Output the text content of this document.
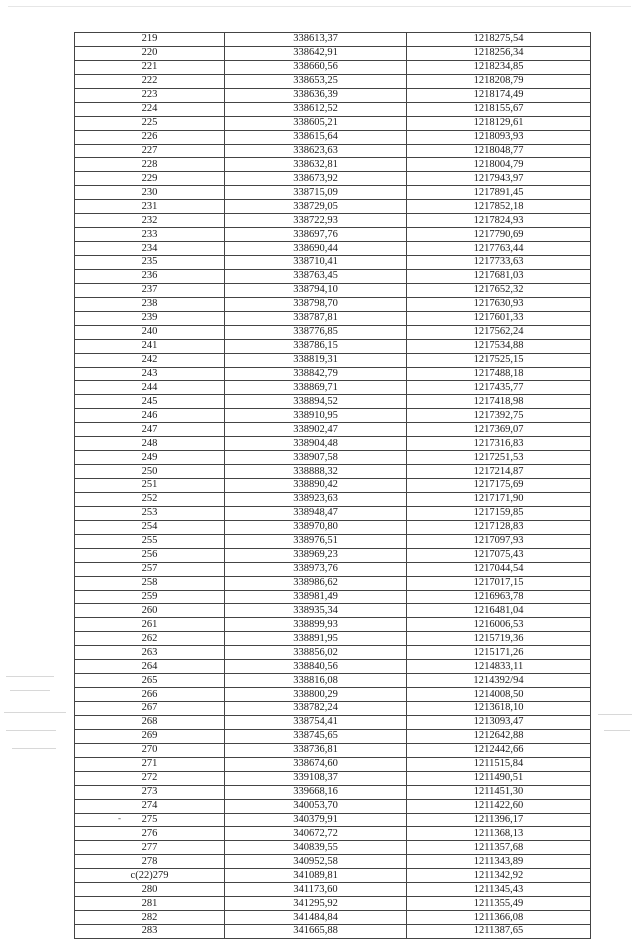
219	338613,37	1218275,54
220	338642,91	1218256,34
221	338660,56	1218234,85
222	338653,25	1218208,79
223	338636,39	1218174,49
224	338612,52	1218155,67
225	338605,21	1218129,61
226	338615,64	1218093,93
227	338623,63	1218048,77
228	338632,81	1218004,79
229	338673,92	1217943,97
230	338715,09	1217891,45
231	338729,05	1217852,18
232	338722,93	1217824,93
233	338697,76	1217790,69
234	338690,44	1217763,44
235	338710,41	1217733,63
236	338763,45	1217681,03
237	338794,10	1217652,32
238	338798,70	1217630,93
239	338787,81	1217601,33
240	338776,85	1217562,24
241	338786,15	1217534,88
242	338819,31	1217525,15
243	338842,79	1217488,18
244	338869,71	1217435,77
245	338894,52	1217418,98
246	338910,95	1217392,75
247	338902,47	1217369,07
248	338904,48	1217316,83
249	338907,58	1217251,53
250	338888,32	1217214,87
251	338890,42	1217175,69
252	338923,63	1217171,90
253	338948,47	1217159,85
254	338970,80	1217128,83
255	338976,51	1217097,93
256	338969,23	1217075,43
257	338973,76	1217044,54
258	338986,62	1217017,15
259	338981,49	1216963,78
260	338935,34	1216481,04
261	338899,93	1216006,53
262	338891,95	1215719,36
263	338856,02	1215171,26
264	338840,56	1214833,11
265	338816,08	1214392/94
266	338800,29	1214008,50
267	338782,24	1213618,10
268	338754,41	1213093,47
269	338745,65	1212642,88
270	338736,81	1212442,66
271	338674,60	1211515,84
272	339108,37	1211490,51
273	339668,16	1211451,30
274	340053,70	1211422,60
275	340379,91	1211396,17
276	340672,72	1211368,13
277	340839,55	1211357,68
278	340952,58	1211343,89
c(22)279	341089,81	1211342,92
280	341173,60	1211345,43
281	341295,92	1211355,49
282	341484,84	1211366,08
283	341665,88	1211387,65
-
